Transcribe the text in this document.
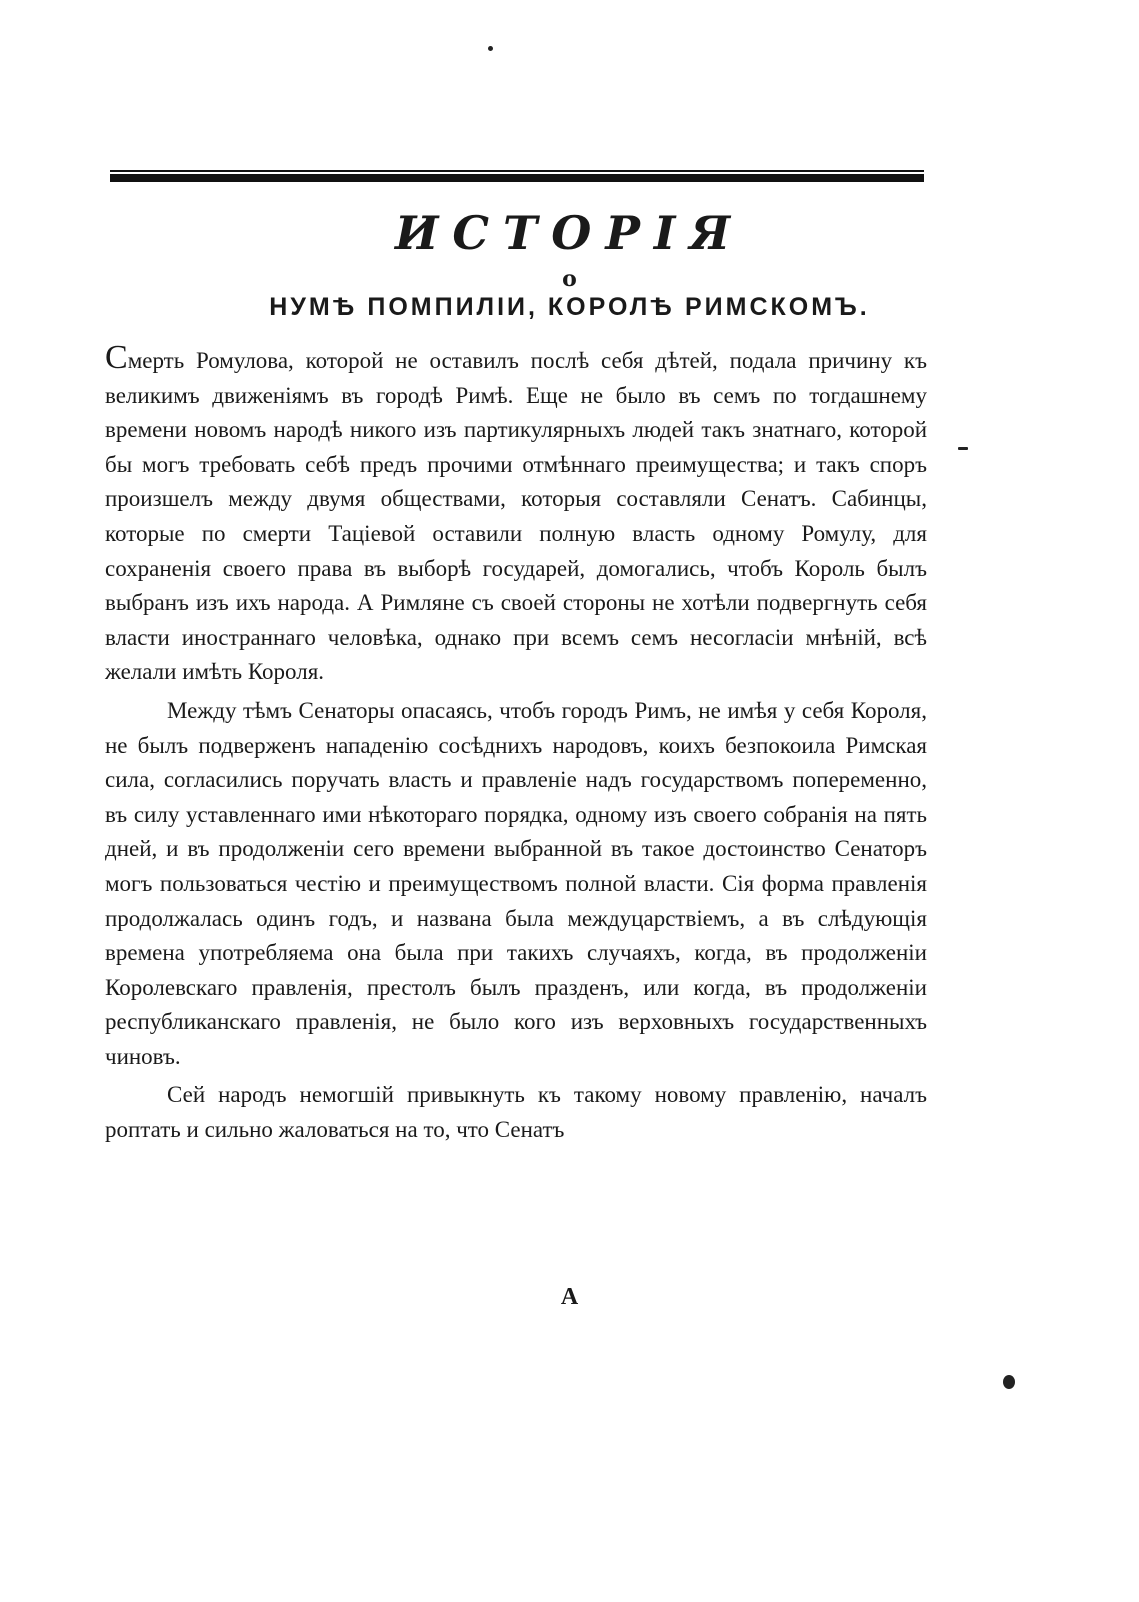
ИСТОРІЯ
о
НУМѢ ПОМПИЛІИ, КОРОЛѢ РИМСКОМЪ.

Смерть Ромулова, которой не оставилъ послѣ себя дѣтей, подала причину къ великимъ движеніямъ въ городѣ Римѣ. Еще не было въ семъ по тогдашнему времени новомъ народѣ никого изъ партикулярныхъ людей такъ знатнаго, которой бы могъ требовать себѣ предъ прочими отмѣннаго преимущества; и такъ споръ произшелъ между двумя обществами, которыя составляли Сенатъ. Сабинцы, которые по смерти Таціевой оставили полную власть одному Ромулу, для сохраненія своего права въ выборѣ государей, домогались, чтобъ Король былъ выбранъ изъ ихъ народа. А Римляне съ своей стороны не хотѣли подвергнуть себя власти иностраннаго человѣка, однако при всемъ семъ несогласіи мнѣній, всѣ желали имѣть Короля.

Между тѣмъ Сенаторы опасаясь, чтобъ городъ Римъ, не имѣя у себя Короля, не былъ подверженъ нападенію сосѣднихъ народовъ, коихъ безпокоила Римская сила, согласились поручать власть и правленіе надъ государствомъ попеременно, въ силу уставленнаго ими нѣкотораго порядка, одному изъ своего собранія на пять дней, и въ продолженіи сего времени выбранной въ такое достоинство Сенаторъ могъ пользоваться честію и преимуществомъ полной власти. Сія форма правленія продолжалась одинъ годъ, и названа была междуцарствіемъ, а въ слѣдующія времена употребляема она была при такихъ случаяхъ, когда, въ продолженіи Королевскаго правленія, престолъ былъ празденъ, или когда, въ продолженіи республиканскаго правленія, не было кого изъ верховныхъ государственныхъ чиновъ.

Сей народъ немогшій привыкнуть къ такому новому правленію, началъ роптать и сильно жаловаться на то, что Сенатъ

А
